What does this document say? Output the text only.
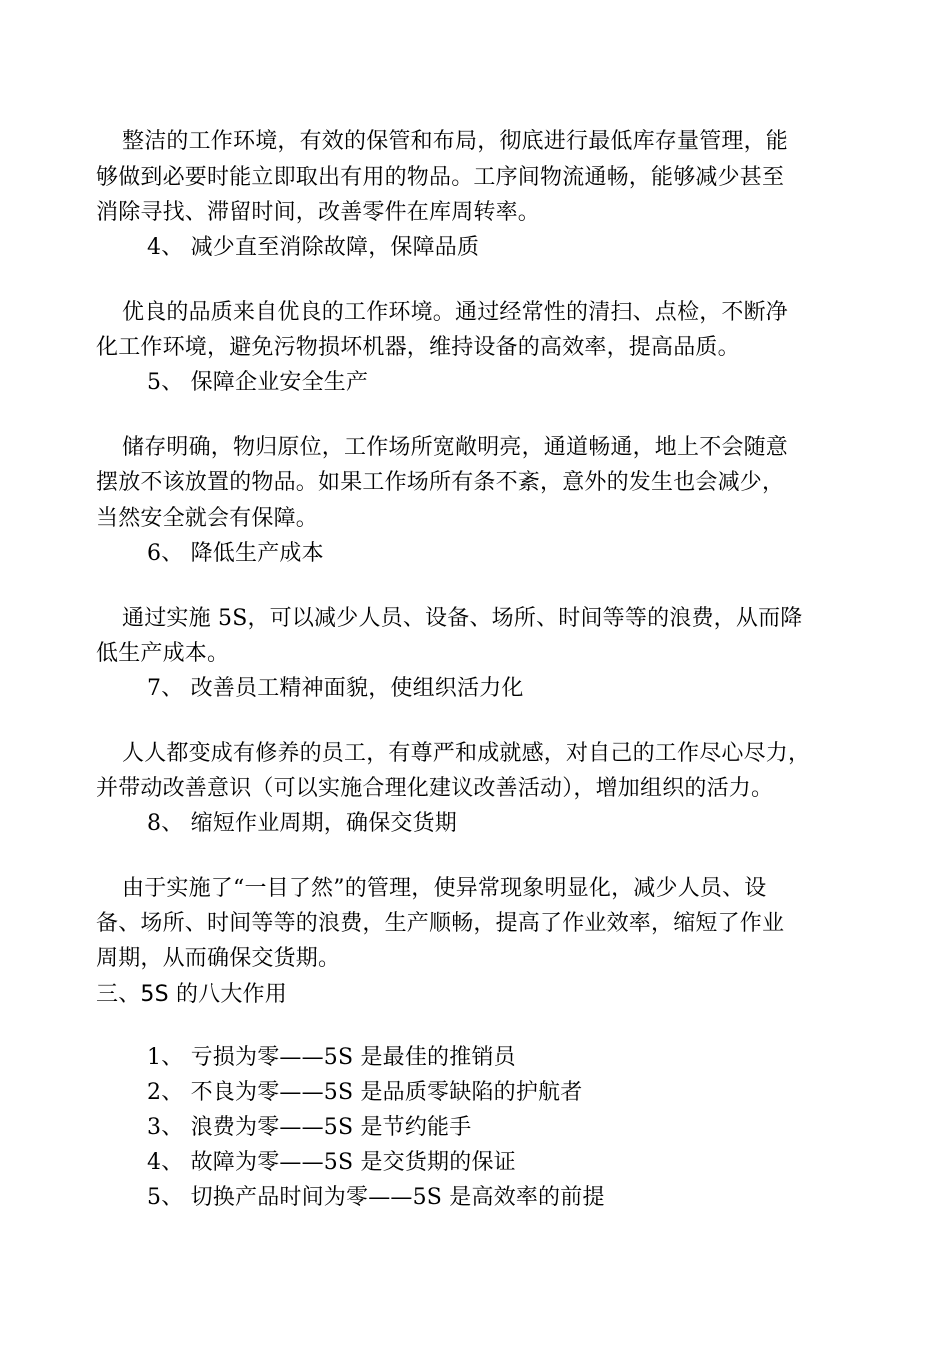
整洁的工作环境，有效的保管和布局，彻底进行最低库存量管理，能
够做到必要时能立即取出有用的物品。工序间物流通畅，能够减少甚至
消除寻找、滞留时间，改善零件在库周转率。
4、 减少直至消除故障，保障品质
优良的品质来自优良的工作环境。通过经常性的清扫、点检，不断净
化工作环境，避免污物损坏机器，维持设备的高效率，提高品质。
5、 保障企业安全生产
储存明确，物归原位，工作场所宽敞明亮，通道畅通，地上不会随意
摆放不该放置的物品。如果工作场所有条不紊，意外的发生也会减少，
当然安全就会有保障。
6、 降低生产成本
通过实施 5S，可以减少人员、设备、场所、时间等等的浪费，从而降
低生产成本。
7、 改善员工精神面貌，使组织活力化
人人都变成有修养的员工，有尊严和成就感，对自己的工作尽心尽力，
并带动改善意识（可以实施合理化建议改善活动），增加组织的活力。
8、 缩短作业周期，确保交货期
由于实施了“一目了然”的管理，使异常现象明显化，减少人员、设
备、场所、时间等等的浪费，生产顺畅，提高了作业效率，缩短了作业
周期，从而确保交货期。
三、5S 的八大作用
1、 亏损为零——5S 是最佳的推销员
2、 不良为零——5S 是品质零缺陷的护航者
3、 浪费为零——5S 是节约能手
4、 故障为零——5S 是交货期的保证
5、 切换产品时间为零——5S 是高效率的前提
